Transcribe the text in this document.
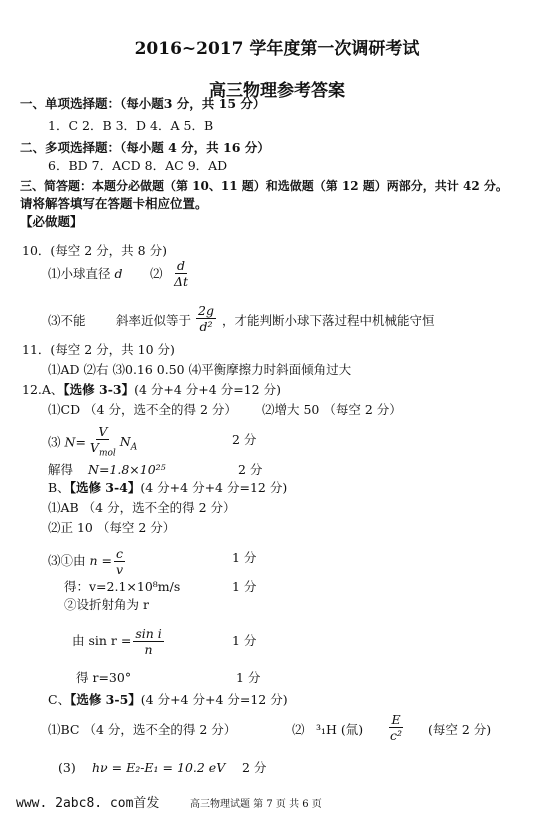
2016~2017 学年度第一次调研考试
高三物理参考答案
一、单项选择题：（每小题3 分，共 15 分）
1．C 2．B 3．D 4．A 5．B
二、多项选择题：（每小题 4 分，共 16 分）
6．BD 7．ACD 8．AC 9．AD
三、简答题：本题分必做题（第 10、11 题）和选做题（第 12 题）两部分，共计 42 分。
请将解答填写在答题卡相应位置。
【必做题】
10．(每空 2 分，共 8 分)
⑴小球直径 d ⑵ $\frac{d}{\Delta t}$
⑶不能 斜率近似等于 $\frac{2g}{\text{d²}}$ ，才能判断小球下落过程中机械能守恒
11．(每空 2 分，共 10 分)
⑴AD ⑵右 ⑶0.16 0.50 ⑷平衡摩擦力时斜面倾角过大
12.A、【选修 3-3】(4 分+4 分+4 分=12 分)
⑴CD （4 分，选不全的得 2 分） ⑵增大 50 （每空 2 分）
⑶ $N= \frac{V}{V_{mol}} N_A$
2 分
解得 N=1.8×10²⁵	2 分
B、【选修 3-4】(4 分+4 分+4 分=12 分)
⑴AB （4 分，选不全的得 2 分）
⑵正 10 （每空 2 分）
⑶①由 $n = \frac{c}{v}$	1 分
得：v=2.1×10⁸m/s	1 分
②设折射角为 r
由 $\sin r = \frac{\text{sin i}}{n}$	1 分
得 r=30°	1 分
C、【选修 3-5】(4 分+4 分+4 分=12 分)
⑴BC （4 分，选不全的得 2 分）	⑵ ³₁H (氚) $\frac{E}{\text{c²}}$ (每空 2 分)
(3) hν = E₂-E₁ = 10.2 eV 2 分
www. 2abc8. com首发	高三物理试题 第 7 页 共 6 页
